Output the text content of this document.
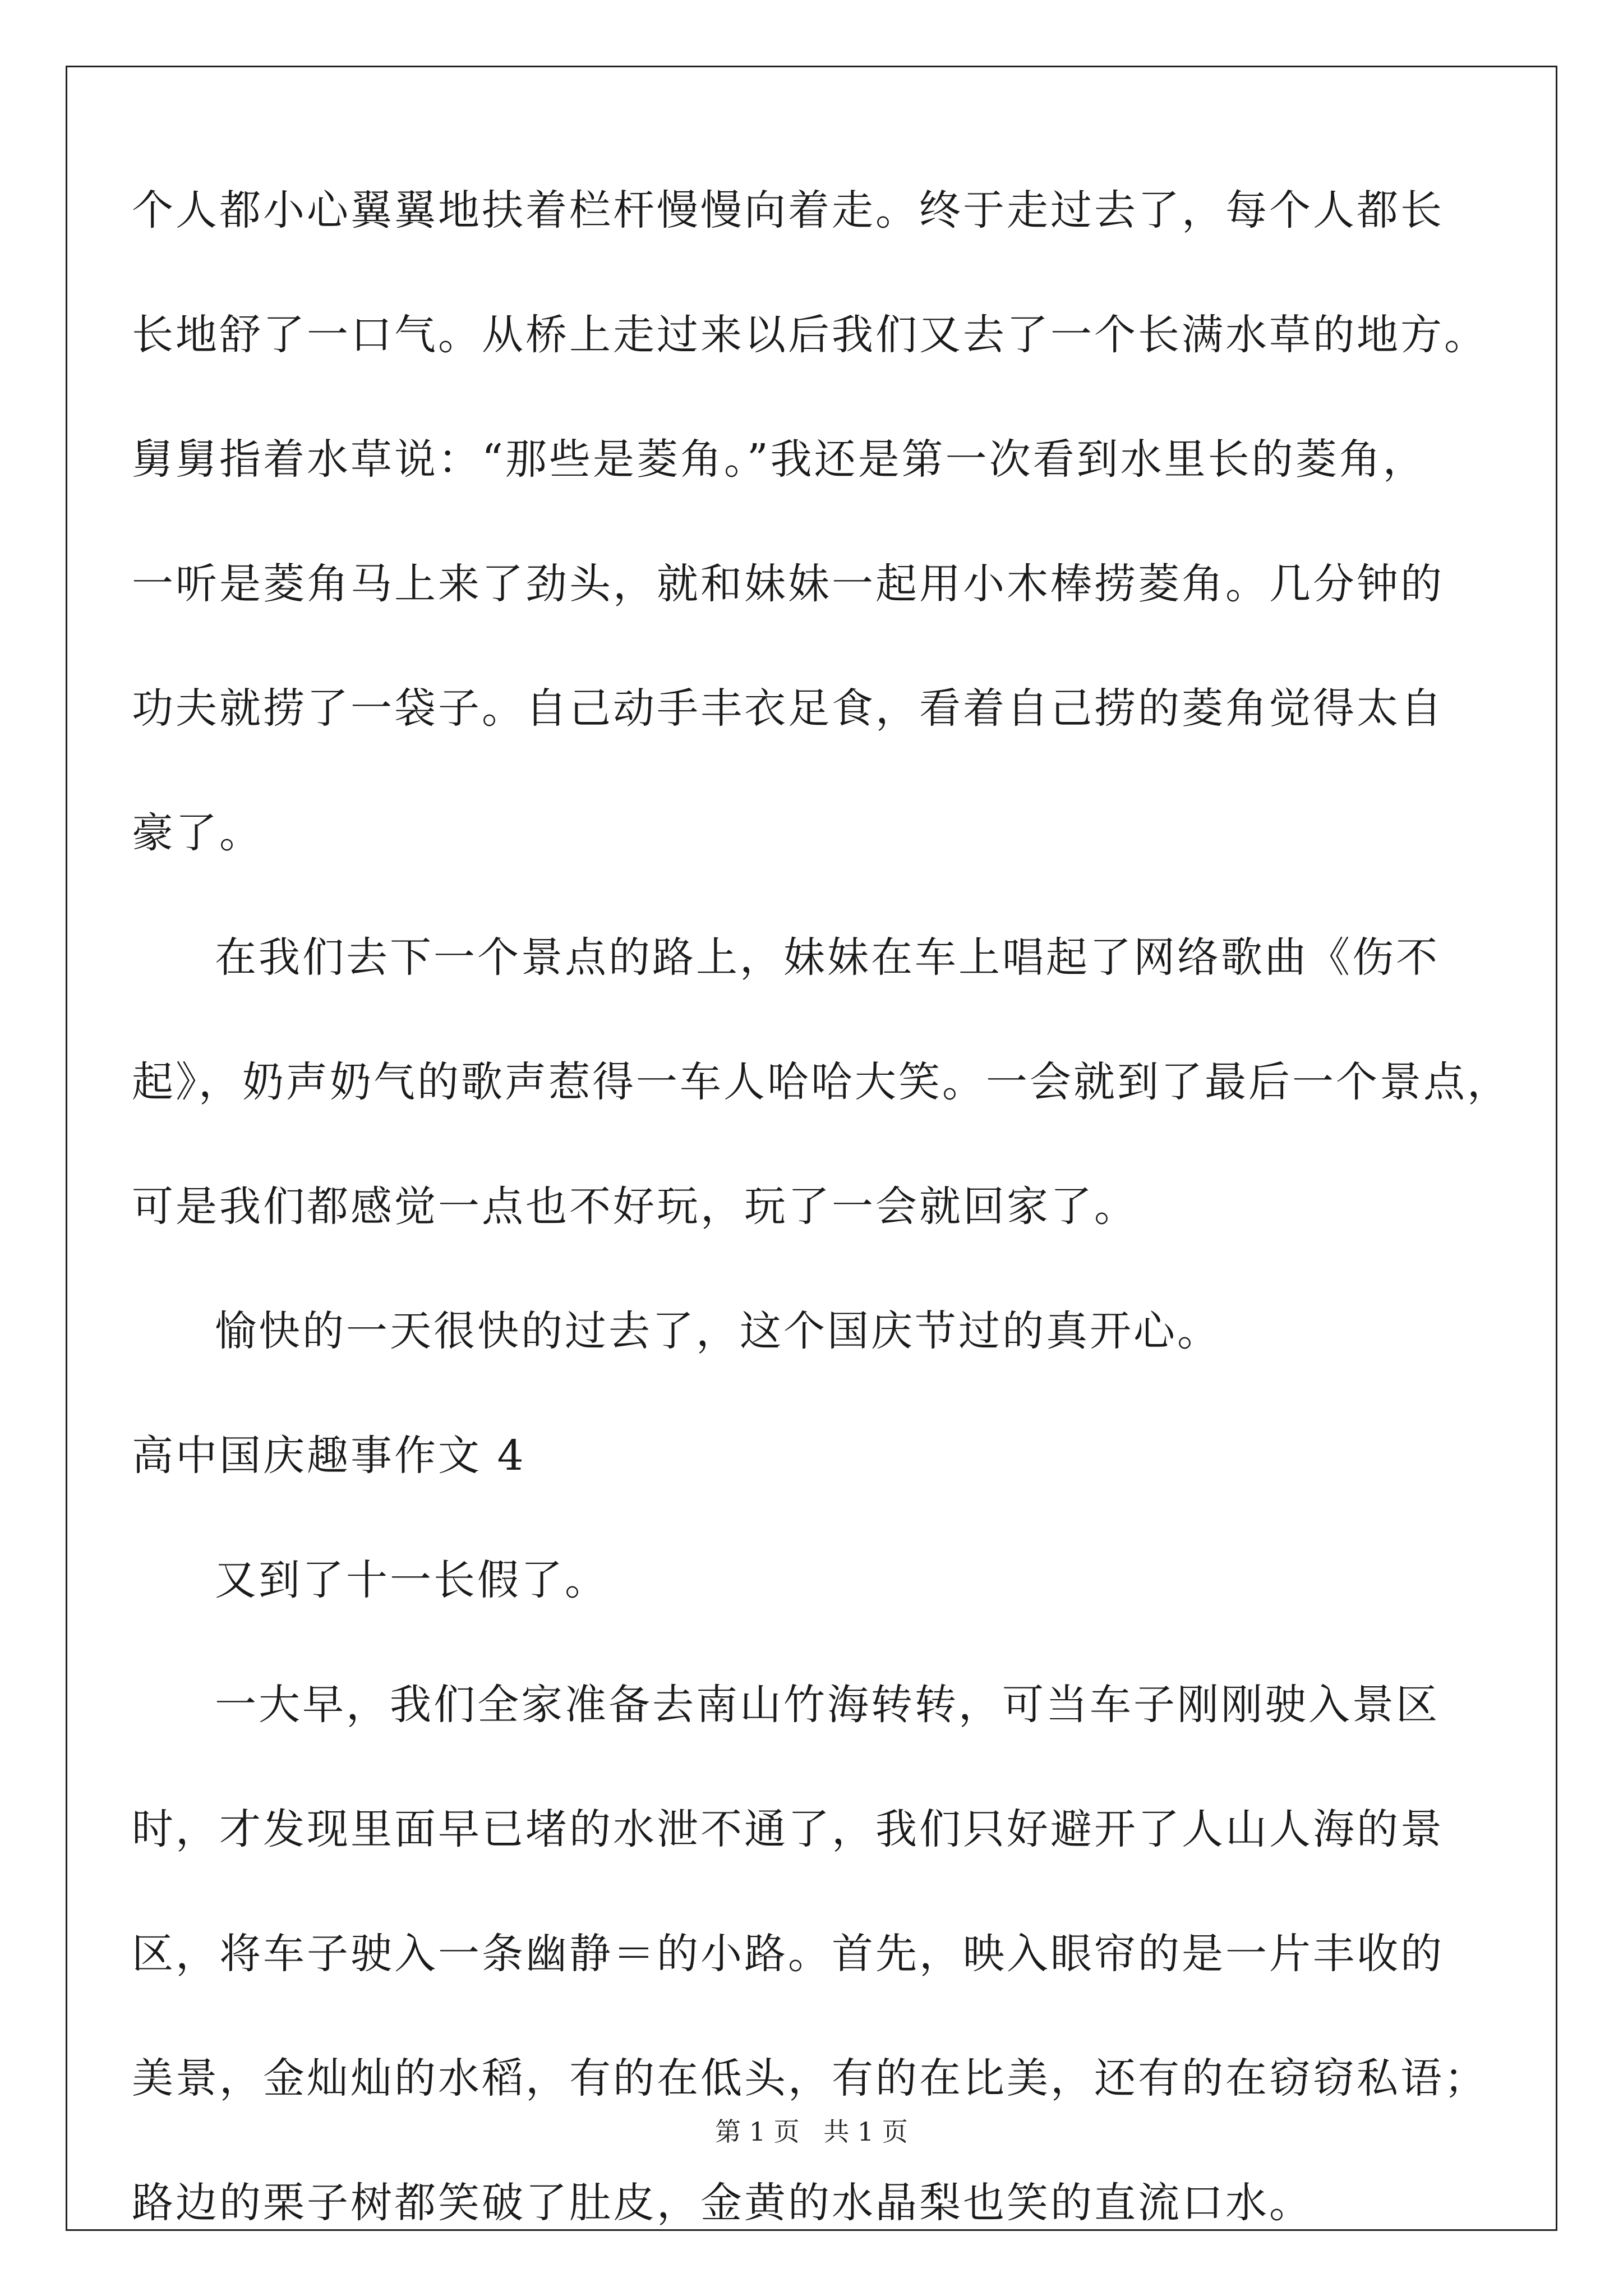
个人都小心翼翼地扶着栏杆慢慢向着走。终于走过去了，每个人都长
长地舒了一口气。从桥上走过来以后我们又去了一个长满水草的地方。
舅舅指着水草说：“那些是菱角。”我还是第一次看到水里长的菱角，
一听是菱角马上来了劲头，就和妹妹一起用小木棒捞菱角。几分钟的
功夫就捞了一袋子。自己动手丰衣足食，看着自己捞的菱角觉得太自
豪了。
在我们去下一个景点的路上，妹妹在车上唱起了网络歌曲《伤不
起》，奶声奶气的歌声惹得一车人哈哈大笑。一会就到了最后一个景点，
可是我们都感觉一点也不好玩，玩了一会就回家了。
愉快的一天很快的过去了，这个国庆节过的真开心。
高中国庆趣事作文 4
又到了十一长假了。
一大早，我们全家准备去南山竹海转转，可当车子刚刚驶入景区
时，才发现里面早已堵的水泄不通了，我们只好避开了人山人海的景
区，将车子驶入一条幽静＝的小路。首先，映入眼帘的是一片丰收的
美景，金灿灿的水稻，有的在低头，有的在比美，还有的在窃窃私语；
路边的栗子树都笑破了肚皮，金黄的水晶梨也笑的直流口水。
第 1 页 共 1 页
